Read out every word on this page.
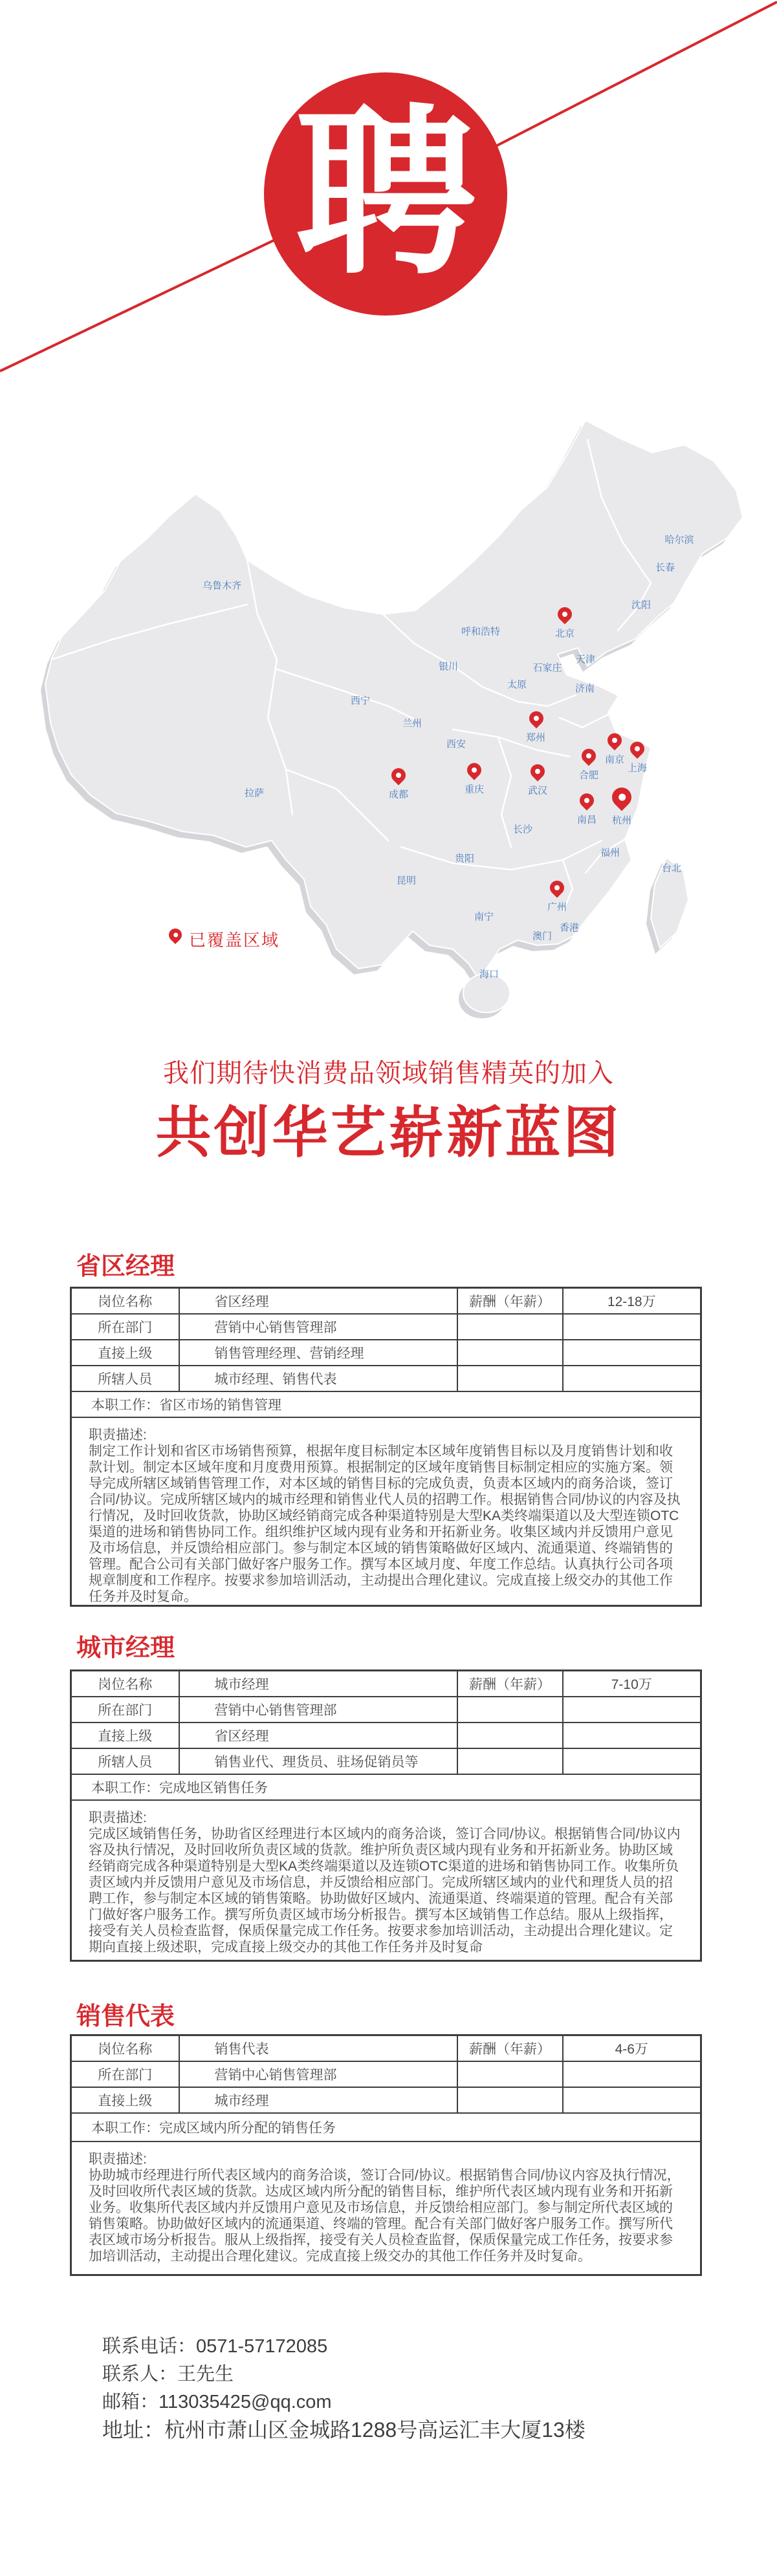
聘
乌鲁木齐
哈尔滨
长春
沈阳
呼和浩特	北京
天津
石家庄
太原	济南
银川
西宁
兰州
西安
郑州
南京
上海
合肥
成都	重庆	武汉
南昌 杭州
拉萨
长沙
贵阳
昆明
福州
台北
广州
南宁
香港
澳门
海口
已覆盖区域
我们期待快消费品领域销售精英的加入
共创华艺崭新蓝图
省区经理
岗位名称	省区经理	薪酬（年薪）	12-18万
所在部门	营销中心销售管理部		
直接上级	销售管理经理、营销经理		
所辖人员	城市经理、销售代表		
本职工作：省区市场的销售管理			

职责描述:
制定工作计划和省区市场销售预算，根据年度目标制定本区域年度销售目标以及月度销售计划和收款计划。制定本区域年度和月度费用预算。根据制定的区域年度销售目标制定相应的实施方案。领导完成所辖区域销售管理工作，对本区域的销售目标的完成负责，负责本区域内的商务洽谈，签订合同/协议。完成所辖区域内的城市经理和销售业代人员的招聘工作。根据销售合同/协议的内容及执行情况，及时回收货款，协助区域经销商完成各种渠道特别是大型KA类终端渠道以及大型连锁OTC渠道的进场和销售协同工作。组织维护区域内现有业务和开拓新业务。收集区域内并反馈用户意见及市场信息，并反馈给相应部门。参与制定本区域的销售策略做好区域内、流通渠道、终端销售的管理。配合公司有关部门做好客户服务工作。撰写本区域月度、年度工作总结。认真执行公司各项规章制度和工作程序。按要求参加培训活动，主动提出合理化建议。完成直接上级交办的其他工作任务并及时复命。			
城市经理
岗位名称	城市经理	薪酬（年薪）	7-10万
所在部门	营销中心销售管理部		
直接上级	省区经理		
所辖人员	销售业代、理货员、驻场促销员等		
本职工作：完成地区销售任务			

职责描述:
完成区域销售任务，协助省区经理进行本区域内的商务洽谈，签订合同/协议。根据销售合同/协议内容及执行情况，及时回收所负责区域的货款。维护所负责区域内现有业务和开拓新业务。协助区域经销商完成各种渠道特别是大型KA类终端渠道以及连锁OTC渠道的进场和销售协同工作。收集所负责区域内并反馈用户意见及市场信息，并反馈给相应部门。完成所辖区域内的业代和理货人员的招聘工作，参与制定本区域的销售策略。协助做好区域内、流通渠道、终端渠道的管理。配合有关部门做好客户服务工作。撰写所负责区域市场分析报告。撰写本区域销售工作总结。服从上级指挥，接受有关人员检查监督，保质保量完成工作任务。按要求参加培训活动，主动提出合理化建议。定期向直接上级述职，完成直接上级交办的其他工作任务并及时复命			
销售代表
岗位名称	销售代表	薪酬（年薪）	4-6万
所在部门	营销中心销售管理部		
直接上级	城市经理		
本职工作：完成区域内所分配的销售任务			

职责描述:
协助城市经理进行所代表区域内的商务洽谈，签订合同/协议。根据销售合同/协议内容及执行情况，及时回收所代表区域的货款。达成区域内所分配的销售目标，维护所代表区域内现有业务和开拓新业务。收集所代表区域内并反馈用户意见及市场信息，并反馈给相应部门。参与制定所代表区域的销售策略。协助做好区域内的流通渠道、终端的管理。配合有关部门做好客户服务工作。撰写所代表区域市场分析报告。服从上级指挥，接受有关人员检查监督，保质保量完成工作任务，按要求参加培训活动，主动提出合理化建议。完成直接上级交办的其他工作任务并及时复命。			
联系电话：0571-57172085
联系人：王先生
邮箱：113035425@qq.com
地址：杭州市萧山区金城路1288号高运汇丰大厦13楼
